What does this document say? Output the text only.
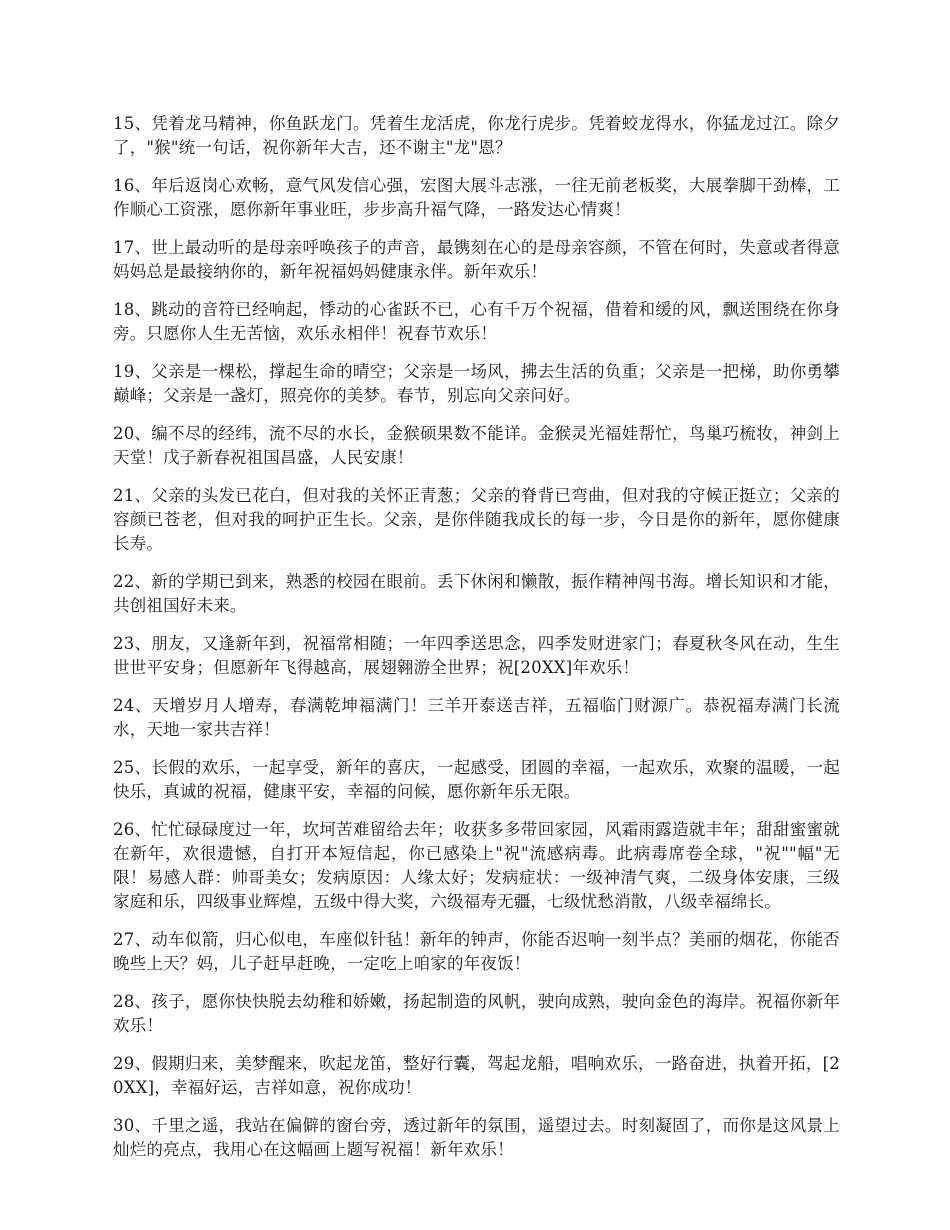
15、凭着龙马精神，你鱼跃龙门。凭着生龙活虎，你龙行虎步。凭着蛟龙得水，你猛龙过江。除夕了，"猴"统一句话，祝你新年大吉，还不谢主"龙"恩？

16、年后返岗心欢畅，意气风发信心强，宏图大展斗志涨，一往无前老板奖，大展拳脚干劲棒，工作顺心工资涨，愿你新年事业旺，步步高升福气降，一路发达心情爽！

17、世上最动听的是母亲呼唤孩子的声音，最镌刻在心的是母亲容颜，不管在何时，失意或者得意妈妈总是最接纳你的，新年祝福妈妈健康永伴。新年欢乐！

18、跳动的音符已经响起，悸动的心雀跃不已，心有千万个祝福，借着和缓的风，飘送围绕在你身旁。只愿你人生无苦恼，欢乐永相伴！祝春节欢乐！

19、父亲是一棵松，撑起生命的晴空；父亲是一场风，拂去生活的负重；父亲是一把梯，助你勇攀巅峰；父亲是一盏灯，照亮你的美梦。春节，别忘向父亲问好。

20、编不尽的经纬，流不尽的水长，金猴硕果数不能详。金猴灵光福娃帮忙，鸟巢巧梳妆，神剑上天堂！戊子新春祝祖国昌盛，人民安康！

21、父亲的头发已花白，但对我的关怀正青葱；父亲的脊背已弯曲，但对我的守候正挺立；父亲的容颜已苍老，但对我的呵护正生长。父亲，是你伴随我成长的每一步，今日是你的新年，愿你健康长寿。

22、新的学期已到来，熟悉的校园在眼前。丢下休闲和懒散，振作精神闯书海。增长知识和才能，共创祖国好未来。

23、朋友，又逢新年到，祝福常相随；一年四季送思念，四季发财进家门；春夏秋冬风在动，生生世世平安身；但愿新年飞得越高，展翅翱游全世界；祝[20XX]年欢乐！

24、天增岁月人增寿，春满乾坤福满门！三羊开泰送吉祥，五福临门财源广。恭祝福寿满门长流水，天地一家共吉祥！

25、长假的欢乐，一起享受，新年的喜庆，一起感受，团圆的幸福，一起欢乐，欢聚的温暖，一起快乐，真诚的祝福，健康平安，幸福的问候，愿你新年乐无限。

26、忙忙碌碌度过一年，坎坷苦难留给去年；收获多多带回家园，风霜雨露造就丰年；甜甜蜜蜜就在新年，欢很遗憾，自打开本短信起，你已感染上"祝"流感病毒。此病毒席卷全球，"祝""幅"无限！易感人群：帅哥美女；发病原因：人缘太好；发病症状：一级神清气爽，二级身体安康，三级家庭和乐，四级事业辉煌，五级中得大奖，六级福寿无疆，七级忧愁消散，八级幸福绵长。

27、动车似箭，归心似电，车座似针毡！新年的钟声，你能否迟响一刻半点？美丽的烟花，你能否晚些上天？妈，儿子赶早赶晚，一定吃上咱家的年夜饭！

28、孩子，愿你快快脱去幼稚和娇嫩，扬起制造的风帆，驶向成熟，驶向金色的海岸。祝福你新年欢乐！

29、假期归来，美梦醒来，吹起龙笛，整好行囊，驾起龙船，唱响欢乐，一路奋进，执着开拓，[20XX]，幸福好运，吉祥如意，祝你成功！

30、千里之遥，我站在偏僻的窗台旁，透过新年的氛围，遥望过去。时刻凝固了，而你是这风景上灿烂的亮点，我用心在这幅画上题写祝福！新年欢乐！
